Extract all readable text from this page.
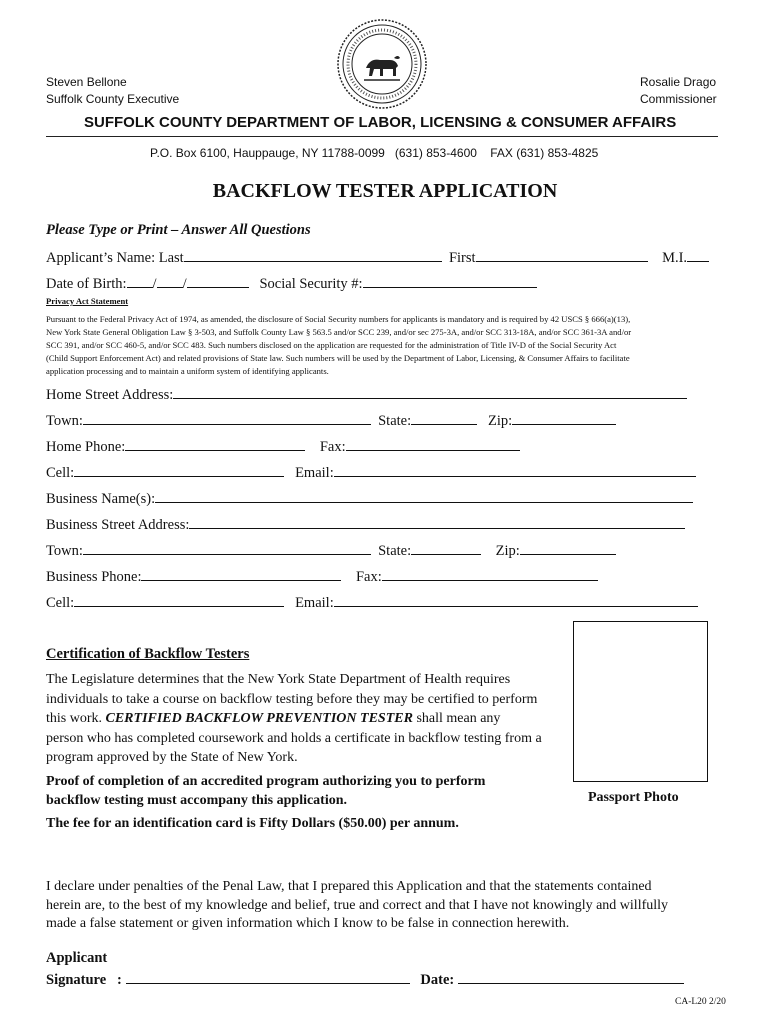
Steven Bellone
Suffolk County Executive
Rosalie Drago
Commissioner
SUFFOLK COUNTY DEPARTMENT OF LABOR, LICENSING & CONSUMER AFFAIRS
P.O. Box 6100, Hauppauge, NY 11788-0099   (631) 853-4600    FAX (631) 853-4825
BACKFLOW TESTER APPLICATION
Please Type or Print – Answer All Questions
Applicant’s Name: Last	First	M.I.
Date of Birth: / /	Social Security #:
Privacy Act Statement
Pursuant to the Federal Privacy Act of 1974, as amended, the disclosure of Social Security numbers for applicants is mandatory and is required by 42 USCS § 666(a)(13),
New York State General Obligation Law § 3-503, and Suffolk County Law § 563.5 and/or SCC 239, and/or sec 275-3A, and/or SCC 313-18A, and/or SCC 361-3A and/or
SCC 391, and/or SCC 460-5, and/or SCC 483. Such numbers disclosed on the application are requested for the administration of Title IV-D of the Social Security Act
(Child Support Enforcement Act) and related provisions of State law. Such numbers will be used by the Department of Labor, Licensing, & Consumer Affairs to facilitate
application processing and to maintain a uniform system of identifying applicants.
Home Street Address:
Town:	State:	Zip:
Home Phone:	Fax:
Cell:	Email:
Business Name(s):
Business Street Address:
Town:	State:	Zip:
Business Phone:	Fax:
Cell:	Email:
Passport Photo
Certification of Backflow Testers
The Legislature determines that the New York State Department of Health requires
individuals to take a course on backflow testing before they may be certified to perform
this work. CERTIFIED BACKFLOW PREVENTION TESTER shall mean any
person who has completed coursework and holds a certificate in backflow testing from a
program approved by the State of New York.
Proof of completion of an accredited program authorizing you to perform
backflow testing must accompany this application.
The fee for an identification card is Fifty Dollars ($50.00) per annum.
I declare under penalties of the Penal Law, that I prepared this Application and that the statements contained
herein are, to the best of my knowledge and belief, true and correct and that I have not knowingly and willfully
made a false statement or given information which I know to be false in connection herewith.
Applicant
Signature :	Date:
CA-L20 2/20
